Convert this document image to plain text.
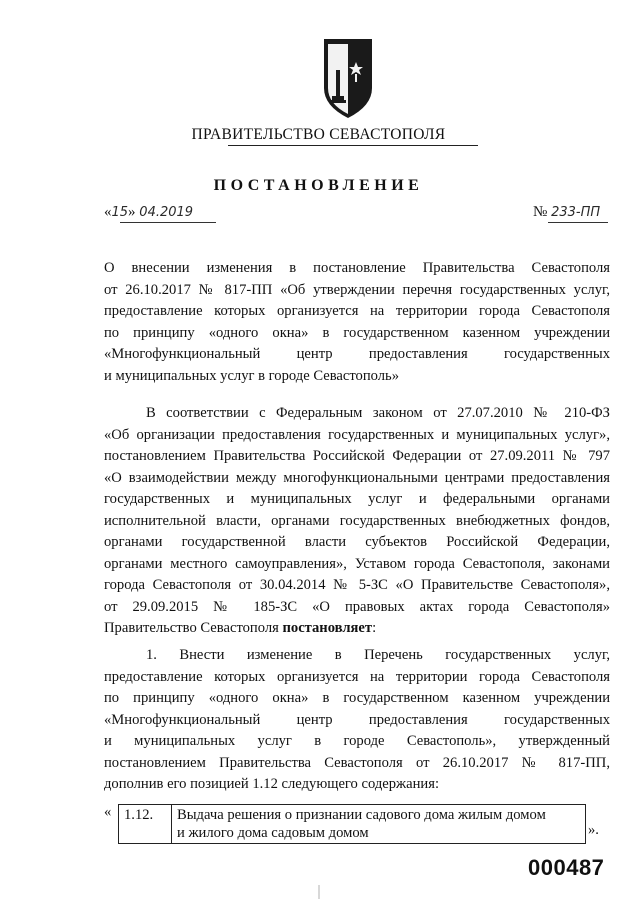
ПРАВИТЕЛЬСТВО СЕВАСТОПОЛЯ
ПОСТАНОВЛЕНИЕ
«15» 04.2019	№ 233-ПП
О внесении изменения в постановление Правительства Севастополя
от 26.10.2017 № 817-ПП «Об утверждении перечня государственных услуг,
предоставление которых организуется на территории города Севастополя
по принципу «одного окна» в государственном казенном учреждении
«Многофункциональный центр предоставления государственных
и муниципальных услуг в городе Севастополь»
В соответствии с Федеральным законом от 27.07.2010 № 210-ФЗ
«Об организации предоставления государственных и муниципальных услуг»,
постановлением Правительства Российской Федерации от 27.09.2011 № 797
«О взаимодействии между многофункциональными центрами предоставления
государственных и муниципальных услуг и федеральными органами
исполнительной власти, органами государственных внебюджетных фондов,
органами государственной власти субъектов Российской Федерации,
органами местного самоуправления», Уставом города Севастополя, законами
города Севастополя от 30.04.2014 № 5-ЗС «О Правительстве Севастополя»,
от 29.09.2015 № 185-ЗС «О правовых актах города Севастополя»
Правительство Севастополя постановляет:
1. Внести изменение в Перечень государственных услуг,
предоставление которых организуется на территории города Севастополя
по принципу «одного окна» в государственном казенном учреждении
«Многофункциональный центр предоставления государственных
и муниципальных услуг в городе Севастополь», утвержденный
постановлением Правительства Севастополя от 26.10.2017 № 817-ПП,
дополнив его позицией 1.12 следующего содержания:
« 1.12.	Выдача решения о признании садового дома жилым домом
и жилого дома садовым домом	».
000487
